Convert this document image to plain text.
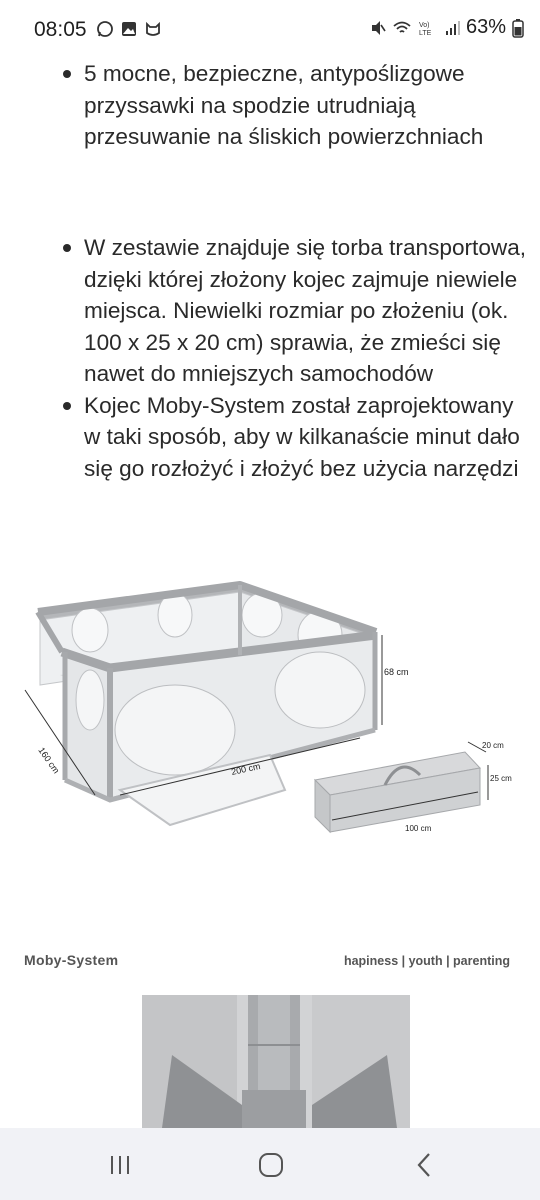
5 mocne, bezpieczne, antypoślizgowe przyssawki na spodzie utrudniają przesuwanie na śliskich powierzchniach
W zestawie znajduje się torba transportowa, dzięki której złożony kojec zajmuje niewiele miejsca. Niewielki rozmiar po złożeniu (ok. 100 x 25 x 20 cm) sprawia, że zmieści się nawet do mniejszych samochodów
Kojec Moby-System został zaprojektowany w taki sposób, aby w kilkanaście minut dało się go rozłożyć i złożyć bez użycia narzędzi
68 cm
160 cm	200 cm
20 cm
25 cm
100 cm
Moby-System	hapiness | youth | parenting
08:05	Vo)
LTE 63%
